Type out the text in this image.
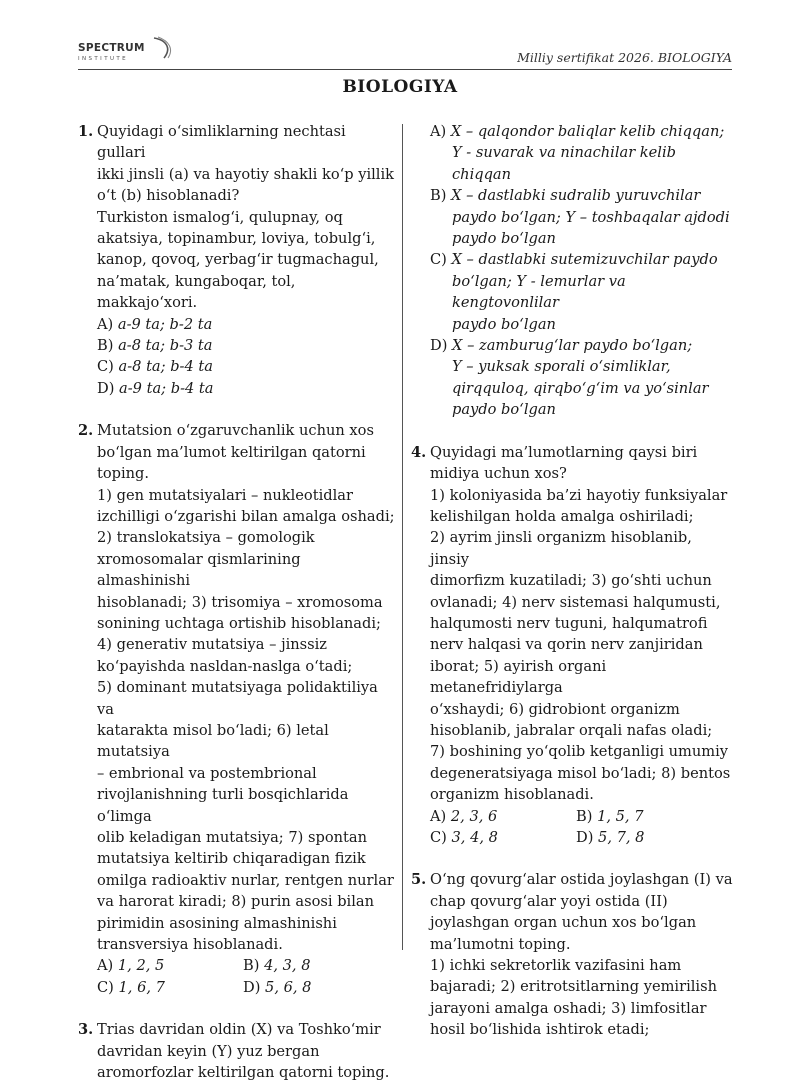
SPECTRUM
INSTITUTE	Milliy sertifikat 2026. BIOLOGIYA
BIOLOGIYA
1. Quyidagi o‘simliklarning nechtasi gullari
ikki jinsli (a) va hayotiy shakli ko‘p yillik
o‘t (b) hisoblanadi?
Turkiston ismalog‘i, qulupnay, oq
akatsiya, topinambur, loviya, tobulg‘i,
kanop, qovoq, yerbag‘ir tugmachagul,
na’matak, kungaboqar, tol, makkajo‘xori.

A) a-9 ta; b-2 ta
B) a-8 ta; b-3 ta
C) a-8 ta; b-4 ta
D) a-9 ta; b-4 ta
2. Mutatsion o‘zgaruvchanlik uchun xos
bo‘lgan ma’lumot keltirilgan qatorni
toping.
1) gen mutatsiyalari – nukleotidlar
izchilligi o‘zgarishi bilan amalga oshadi;
2) translokatsiya – gomologik
xromosomalar qismlarining almashinishi
hisoblanadi; 3) trisomiya – xromosoma
sonining uchtaga ortishib hisoblanadi;
4) generativ mutatsiya – jinssiz
ko‘payishda nasldan-naslga o‘tadi;
5) dominant mutatsiyaga polidaktiliya va
katarakta misol bo‘ladi; 6) letal mutatsiya
– embrional va postembrional
rivojlanishning turli bosqichlarida o‘limga
olib keladigan mutatsiya; 7) spontan
mutatsiya keltirib chiqaradigan fizik
omilga radioaktiv nurlar, rentgen nurlar
va harorat kiradi; 8) purin asosi bilan
pirimidin asosining almashinishi
transversiya hisoblanadi.

A) 1, 2, 5	B) 4, 3, 8
C) 1, 6, 7	D) 5, 6, 8
3. Trias davridan oldin (X) va Toshko‘mir
davridan keyin (Y) yuz bergan
aromorfozlar keltirilgan qatorni toping.

A) X – qalqondor baliqlar kelib chiqqan;
Y - suvarak va ninachilar kelib chiqqan
B) X – dastlabki sudralib yuruvchilar
paydo bo‘lgan; Y – toshbaqalar ajdodi
paydo bo‘lgan
C) X – dastlabki sutemizuvchilar paydo
bo‘lgan; Y - lemurlar va kengtovonlilar
paydo bo‘lgan
D) X – zamburug‘lar paydo bo‘lgan;
Y – yuksak sporali o‘simliklar,
qirqquloq, qirqbo‘g‘im va yo‘sinlar
paydo bo‘lgan
4. Quyidagi ma’lumotlarning qaysi biri
midiya uchun xos?
1) koloniyasida ba’zi hayotiy funksiyalar
kelishilgan holda amalga oshiriladi;
2) ayrim jinsli organizm hisoblanib, jinsiy
dimorfizm kuzatiladi; 3) go‘shti uchun
ovlanadi; 4) nerv sistemasi halqumusti,
halqumosti nerv tuguni, halqumatrofi
nerv halqasi va qorin nerv zanjiridan
iborat; 5) ayirish organi metanefridiylarga
o‘xshaydi; 6) gidrobiont organizm
hisoblanib, jabralar orqali nafas oladi;
7) boshining yo‘qolib ketganligi umumiy
degeneratsiyaga misol bo‘ladi; 8) bentos
organizm hisoblanadi.

A) 2, 3, 6	B) 1, 5, 7
C) 3, 4, 8	D) 5, 7, 8
5. O‘ng qovurg‘alar ostida joylashgan (I) va
chap qovurg‘alar yoyi ostida (II)
joylashgan organ uchun xos bo‘lgan
ma’lumotni toping.
1) ichki sekretorlik vazifasini ham
bajaradi; 2) eritrotsitlarning yemirilish
jarayoni amalga oshadi; 3) limfositlar
hosil bo‘lishida ishtirok etadi;
